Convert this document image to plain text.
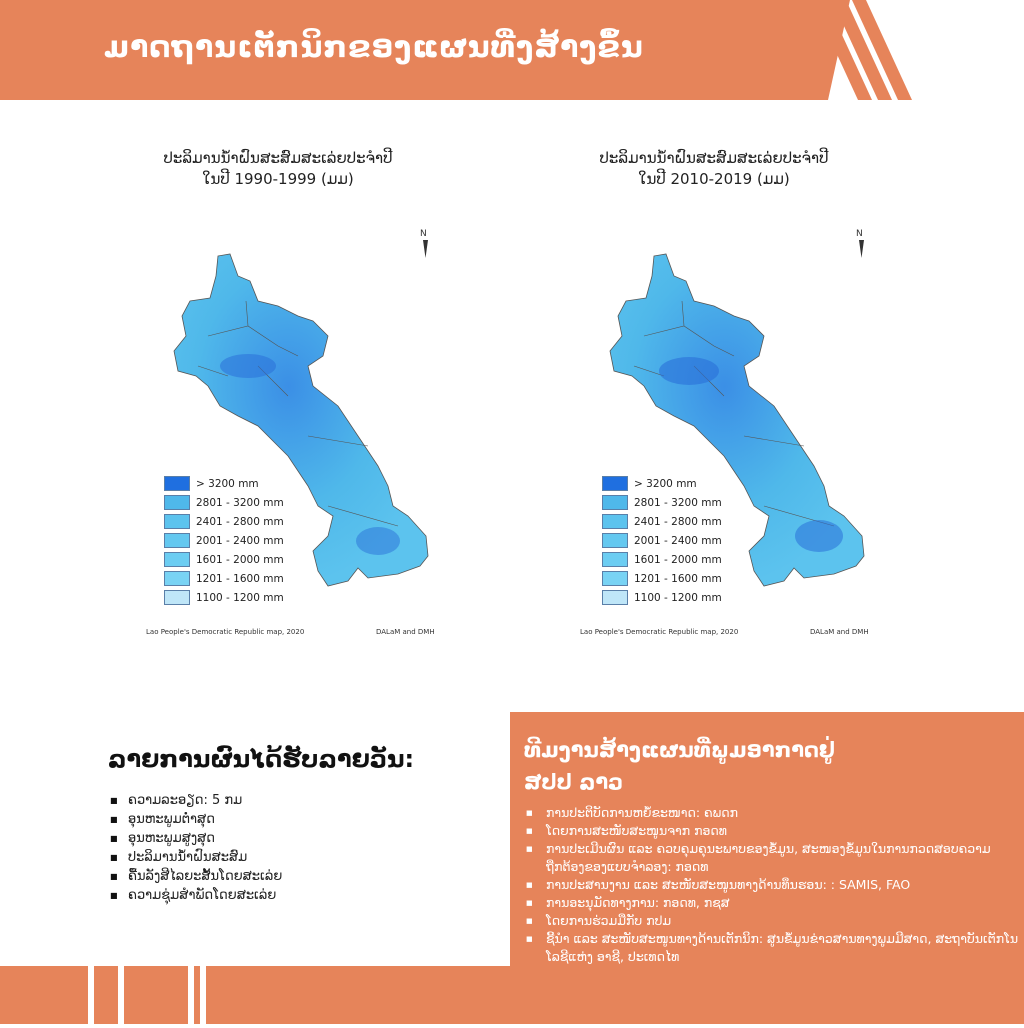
ມາດຖານເຕັກນິກຂອງແຜນທີ່ງສ້າງຂຶ້ນ
ປະລິມານນໍ້າຝົນສະສົມສະເລ່ຍປະຈໍາປີ
ໃນປີ 1990-1999 (ມມ)
N
> 3200 mm
2801 - 3200 mm
2401 - 2800 mm
2001 - 2400 mm
1601 - 2000 mm
1201 - 1600 mm
1100 - 1200 mm
Lao People's Democratic Republic map, 2020	DALaM and DMH
ປະລິມານນໍ້າຝົນສະສົມສະເລ່ຍປະຈໍາປີ
ໃນປີ 2010-2019 (ມມ)
N
> 3200 mm
2801 - 3200 mm
2401 - 2800 mm
2001 - 2400 mm
1601 - 2000 mm
1201 - 1600 mm
1100 - 1200 mm
Lao People's Democratic Republic map, 2020	DALaM and DMH
ລາຍການຜົນໄດ້ຮັບລາຍວັນ:
■ ຄວາມລະອຽດ: 5 ກມ
■ ອຸນຫະພູມຕໍ່າສຸດ
■ ອຸນຫະພູມສູງສຸດ
■ ປະລິມານນໍ້າຝົນສະສົມ
■ ຄື້ນລັງສີໄລຍະສັ້ນໂດຍສະເລ່ຍ
■ ຄວາມຊຸ່ມສໍາພັດໂດຍສະເລ່ຍ
ທີມງານສ້າງແຜນທີ່ພູມອາກາດຢູ່
ສປປ ລາວ
■ ການປະຕິບັດການຫຍໍ້ຂະໜາດ: ຄພດກ
■ ໂດຍການສະໜັບສະໜູນຈາກ ກອດທ
■ ການປະເມີນຜົນ ແລະ ຄວບຄຸມຄຸນະພາບຂອງຂໍ້ມູນ, ສະໜອງຂໍ້ມູນໃນການກວດສອບຄວາມຖືກຕ້ອງຂອງແບບຈໍາລອງ: ກອດທ
■ ການປະສານງານ ແລະ ສະໜັບສະໜູນທາງດ້ານທຶນຮອນ: : SAMIS, FAO
■ ການອະນຸມັດທາງການ: ກອດທ, ກຊສ
■ ໂດຍການຮ່ວມມືກັບ ກປມ
■ ຊີ້ນໍາ ແລະ ສະໜັບສະໜູນທາງດ້ານເຕັກນິກ: ສູນຂໍ້ມູນຂ່າວສານທາງພູມມີສາດ, ສະຖາບັນເຕັກໂນໂລຊີແຫ່ງ ອາຊີ, ປະເທດໄທ
